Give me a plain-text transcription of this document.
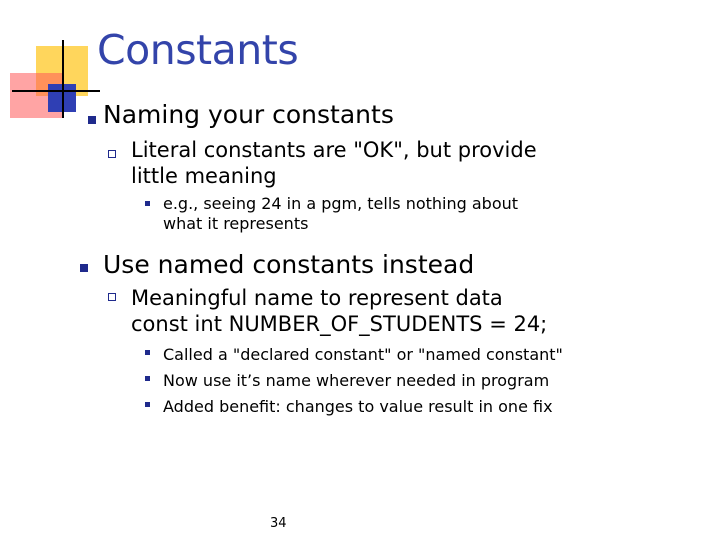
Constants
Naming your constants
Literal constants are "OK", but provide
little meaning
e.g., seeing 24 in a pgm, tells nothing about
what it represents
Use named constants instead
Meaningful name to represent data
const int NUMBER_OF_STUDENTS = 24;
Called a "declared constant" or "named constant"
Now use it’s name wherever needed in program
Added benefit: changes to value result in one fix
34
